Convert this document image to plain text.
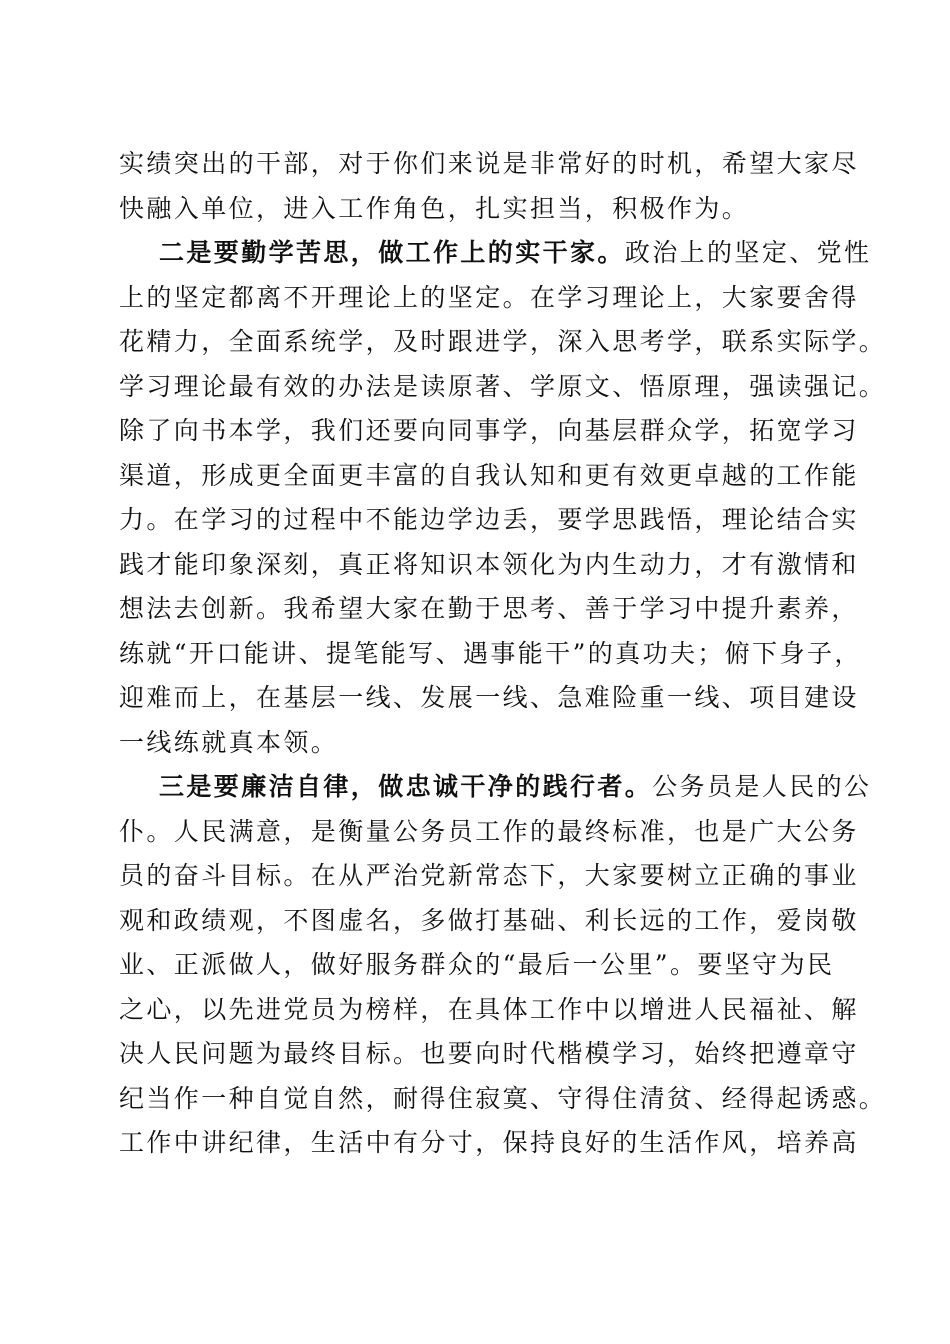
实绩突出的干部，对于你们来说是非常好的时机，希望大家尽
快融入单位，进入工作角色，扎实担当，积极作为。
二是要勤学苦思，做工作上的实干家。政治上的坚定、党性
上的坚定都离不开理论上的坚定。在学习理论上，大家要舍得
花精力，全面系统学，及时跟进学，深入思考学，联系实际学。
学习理论最有效的办法是读原著、学原文、悟原理，强读强记。
除了向书本学，我们还要向同事学，向基层群众学，拓宽学习
渠道，形成更全面更丰富的自我认知和更有效更卓越的工作能
力。在学习的过程中不能边学边丢，要学思践悟，理论结合实
践才能印象深刻，真正将知识本领化为内生动力，才有激情和
想法去创新。我希望大家在勤于思考、善于学习中提升素养，
练就“开口能讲、提笔能写、遇事能干”的真功夫；俯下身子，
迎难而上，在基层一线、发展一线、急难险重一线、项目建设
一线练就真本领。
三是要廉洁自律，做忠诚干净的践行者。公务员是人民的公
仆。人民满意，是衡量公务员工作的最终标准，也是广大公务
员的奋斗目标。在从严治党新常态下，大家要树立正确的事业
观和政绩观，不图虚名，多做打基础、利长远的工作，爱岗敬
业、正派做人，做好服务群众的“最后一公里”。要坚守为民
之心，以先进党员为榜样，在具体工作中以增进人民福祉、解
决人民问题为最终目标。也要向时代楷模学习，始终把遵章守
纪当作一种自觉自然，耐得住寂寞、守得住清贫、经得起诱惑。
工作中讲纪律，生活中有分寸，保持良好的生活作风，培养高
